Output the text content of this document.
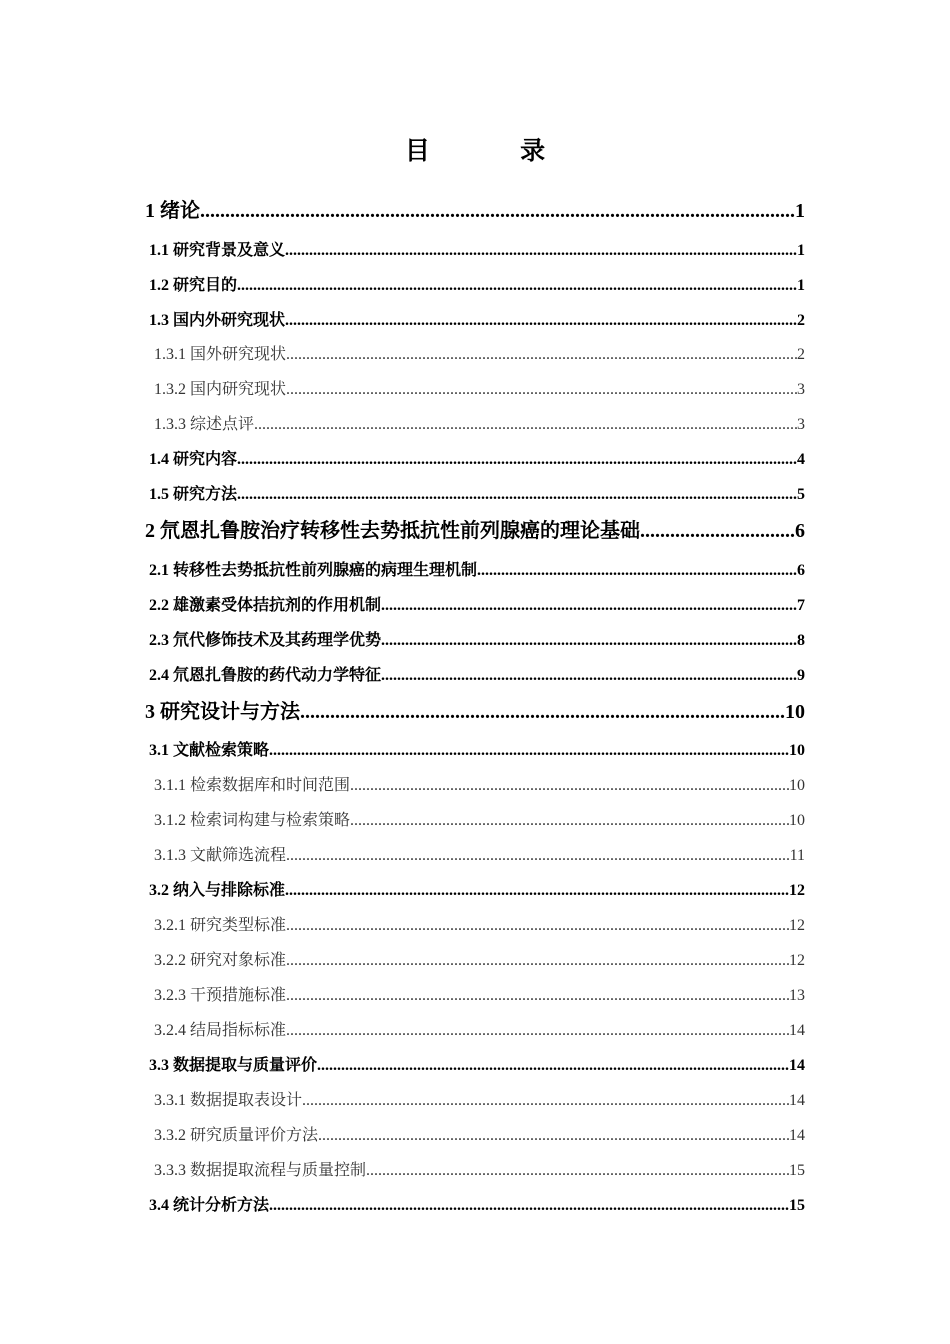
目 录
1 绪论 .....	1
1.1 研究背景及意义 .....	1
1.2 研究目的 .....	1
1.3 国内外研究现状 .....	2
1.3.1 国外研究现状 .....	2
1.3.2 国内研究现状 .....	3
1.3.3 综述点评 .....	3
1.4 研究内容 .....	4
1.5 研究方法 .....	5
2 氘恩扎鲁胺治疗转移性去势抵抗性前列腺癌的理论基础 .....	6
2.1 转移性去势抵抗性前列腺癌的病理生理机制 .....	6
2.2 雄激素受体拮抗剂的作用机制 .....	7
2.3 氘代修饰技术及其药理学优势 .....	8
2.4 氘恩扎鲁胺的药代动力学特征 .....	9
3 研究设计与方法 .....	10
3.1 文献检索策略 .....	10
3.1.1 检索数据库和时间范围 .....	10
3.1.2 检索词构建与检索策略 .....	10
3.1.3 文献筛选流程 .....	11
3.2 纳入与排除标准 .....	12
3.2.1 研究类型标准 .....	12
3.2.2 研究对象标准 .....	12
3.2.3 干预措施标准 .....	13
3.2.4 结局指标标准 .....	14
3.3 数据提取与质量评价 .....	14
3.3.1 数据提取表设计 .....	14
3.3.2 研究质量评价方法 .....	14
3.3.3 数据提取流程与质量控制 .....	15
3.4 统计分析方法 .....	15
